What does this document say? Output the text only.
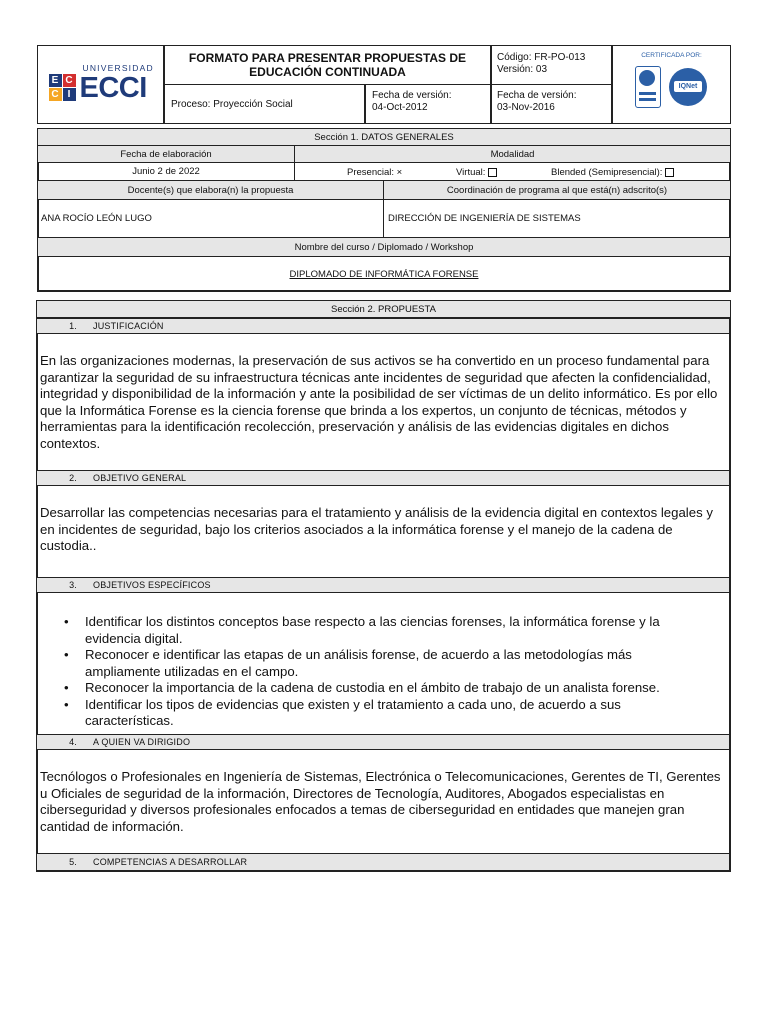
UNIVERSIDAD
E C
C I ECCI
FORMATO PARA PRESENTAR PROPUESTAS DE EDUCACIÓN CONTINUADA
Código: FR-PO-013
Versión: 03
Proceso: Proyección Social
Fecha de versión:
04-Oct-2012
Fecha de versión:
03-Nov-2016
CERTIFICADA POR:
IQNet
Sección 1. DATOS GENERALES
Fecha de elaboración	Modalidad
Junio 2 de 2022	Presencial: ×	Virtual:	Blended (Semipresencial):
Docente(s) que elabora(n) la propuesta	Coordinación de programa al que está(n) adscrito(s)
ANA ROCÍO LEÓN LUGO	DIRECCIÓN DE INGENIERÍA DE SISTEMAS
Nombre del curso / Diplomado / Workshop
DIPLOMADO DE INFORMÁTICA FORENSE
Sección 2. PROPUESTA
1.	JUSTIFICACIÓN
En las organizaciones modernas, la preservación de sus activos se ha convertido en un proceso fundamental para garantizar la seguridad de su infraestructura técnicas ante incidentes de seguridad que afecten la confidencialidad, integridad y disponibilidad de la información y ante la posibilidad de ser víctimas de un delito informático. Es por ello que la Informática Forense es la ciencia forense que brinda a los expertos, un conjunto de técnicas, métodos y herramientas para la identificación recolección, preservación y análisis de las evidencias digitales en dichos contextos.
2.	OBJETIVO GENERAL
Desarrollar las competencias necesarias para el tratamiento y análisis de la evidencia digital en contextos legales y en incidentes de seguridad, bajo los criterios asociados a la informática forense y el manejo de la cadena de custodia..
3.	OBJETIVOS ESPECÍFICOS
• Identificar los distintos conceptos base respecto a las ciencias forenses, la informática forense y la evidencia digital.
• Reconocer e identificar las etapas de un análisis forense, de acuerdo a las metodologías más ampliamente utilizadas en el campo.
• Reconocer la importancia de la cadena de custodia en el ámbito de trabajo de un analista forense.
• Identificar los tipos de evidencias que existen y el tratamiento a cada uno, de acuerdo a sus características.
4.	A QUIEN VA DIRIGIDO
Tecnólogos o Profesionales en Ingeniería de Sistemas, Electrónica o Telecomunicaciones, Gerentes de TI, Gerentes u Oficiales de seguridad de la información, Directores de Tecnología, Auditores, Abogados especialistas en ciberseguridad y diversos profesionales enfocados a temas de ciberseguridad en entidades que manejen gran cantidad de información.
5.	COMPETENCIAS A DESARROLLAR
